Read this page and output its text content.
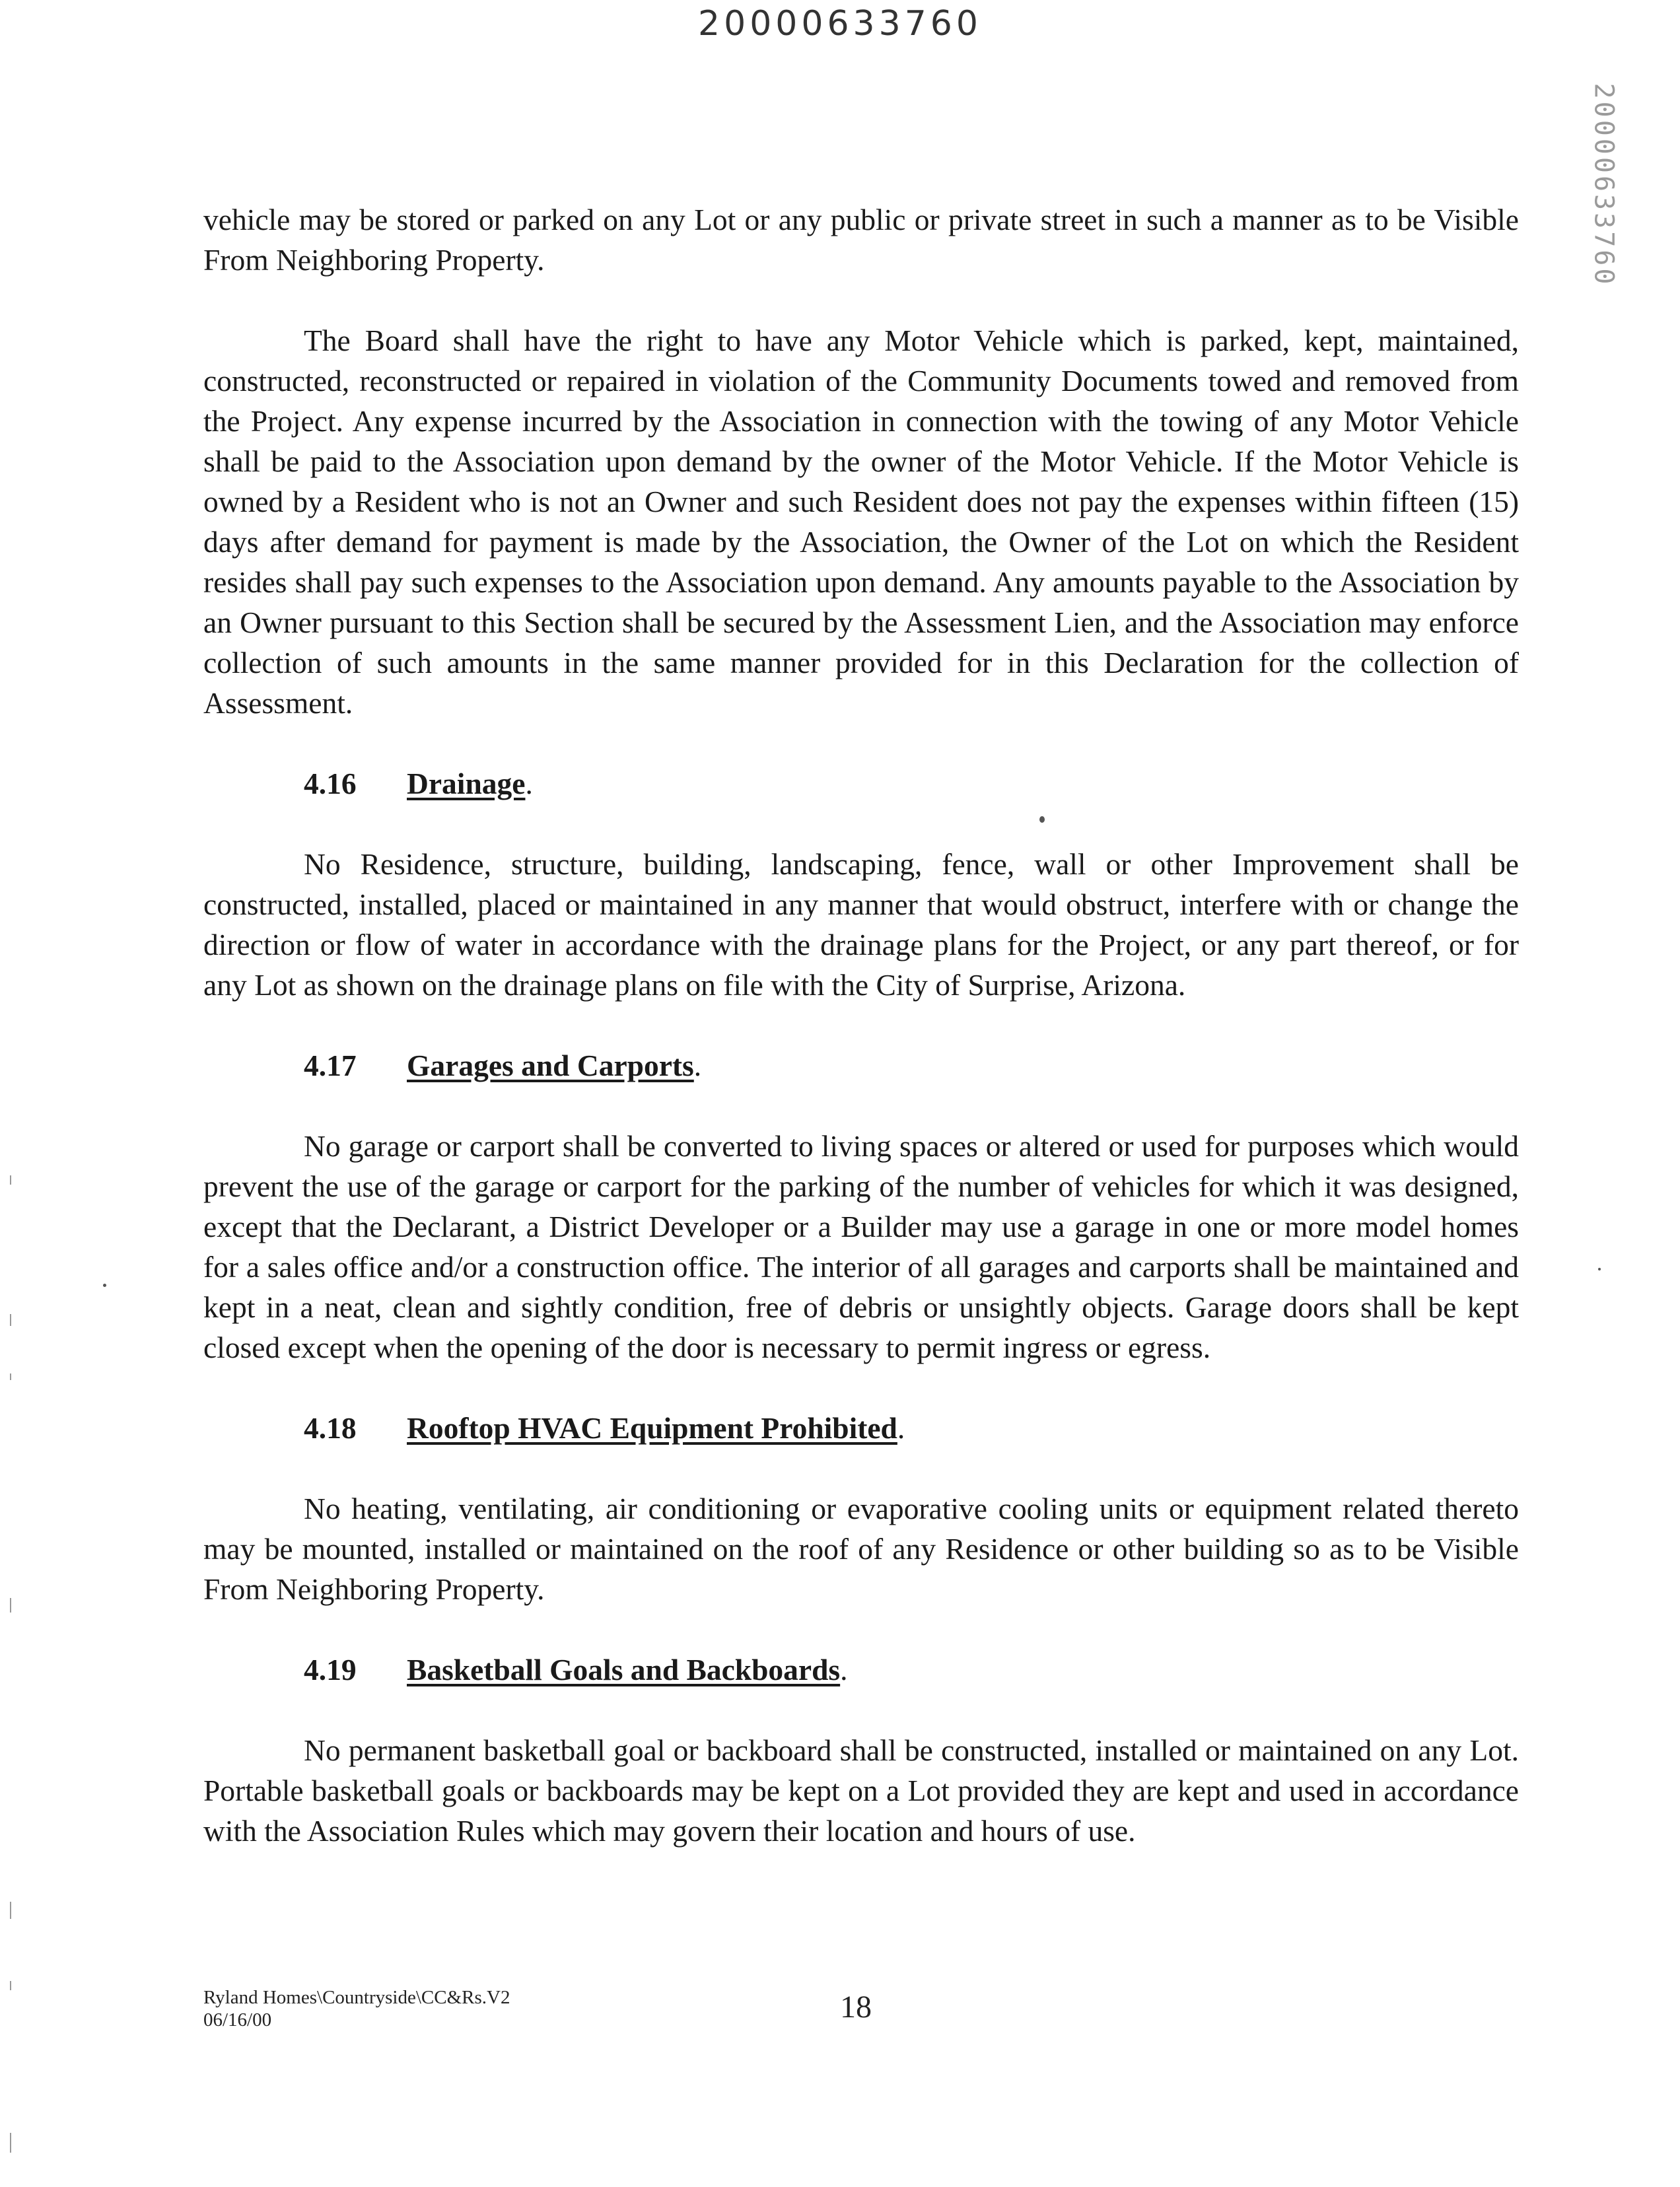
20000633760
20000633760

vehicle may be stored or parked on any Lot or any public or private street in such a manner as to be Visible From Neighboring Property.

The Board shall have the right to have any Motor Vehicle which is parked, kept, maintained, constructed, reconstructed or repaired in violation of the Community Documents towed and removed from the Project. Any expense incurred by the Association in connection with the towing of any Motor Vehicle shall be paid to the Association upon demand by the owner of the Motor Vehicle. If the Motor Vehicle is owned by a Resident who is not an Owner and such Resident does not pay the expenses within fifteen (15) days after demand for payment is made by the Association, the Owner of the Lot on which the Resident resides shall pay such expenses to the Association upon demand. Any amounts payable to the Association by an Owner pursuant to this Section shall be secured by the Assessment Lien, and the Association may enforce collection of such amounts in the same manner provided for in this Declaration for the collection of Assessment.

4.16 Drainage.

No Residence, structure, building, landscaping, fence, wall or other Improvement shall be constructed, installed, placed or maintained in any manner that would obstruct, interfere with or change the direction or flow of water in accordance with the drainage plans for the Project, or any part thereof, or for any Lot as shown on the drainage plans on file with the City of Surprise, Arizona.

4.17 Garages and Carports.

No garage or carport shall be converted to living spaces or altered or used for purposes which would prevent the use of the garage or carport for the parking of the number of vehicles for which it was designed, except that the Declarant, a District Developer or a Builder may use a garage in one or more model homes for a sales office and/or a construction office. The interior of all garages and carports shall be maintained and kept in a neat, clean and sightly condition, free of debris or unsightly objects. Garage doors shall be kept closed except when the opening of the door is necessary to permit ingress or egress.

4.18 Rooftop HVAC Equipment Prohibited.

No heating, ventilating, air conditioning or evaporative cooling units or equipment related thereto may be mounted, installed or maintained on the roof of any Residence or other building so as to be Visible From Neighboring Property.

4.19 Basketball Goals and Backboards.

No permanent basketball goal or backboard shall be constructed, installed or maintained on any Lot. Portable basketball goals or backboards may be kept on a Lot provided they are kept and used in accordance with the Association Rules which may govern their location and hours of use.

Ryland Homes\Countryside\CC&Rs.V2
06/16/00	18
